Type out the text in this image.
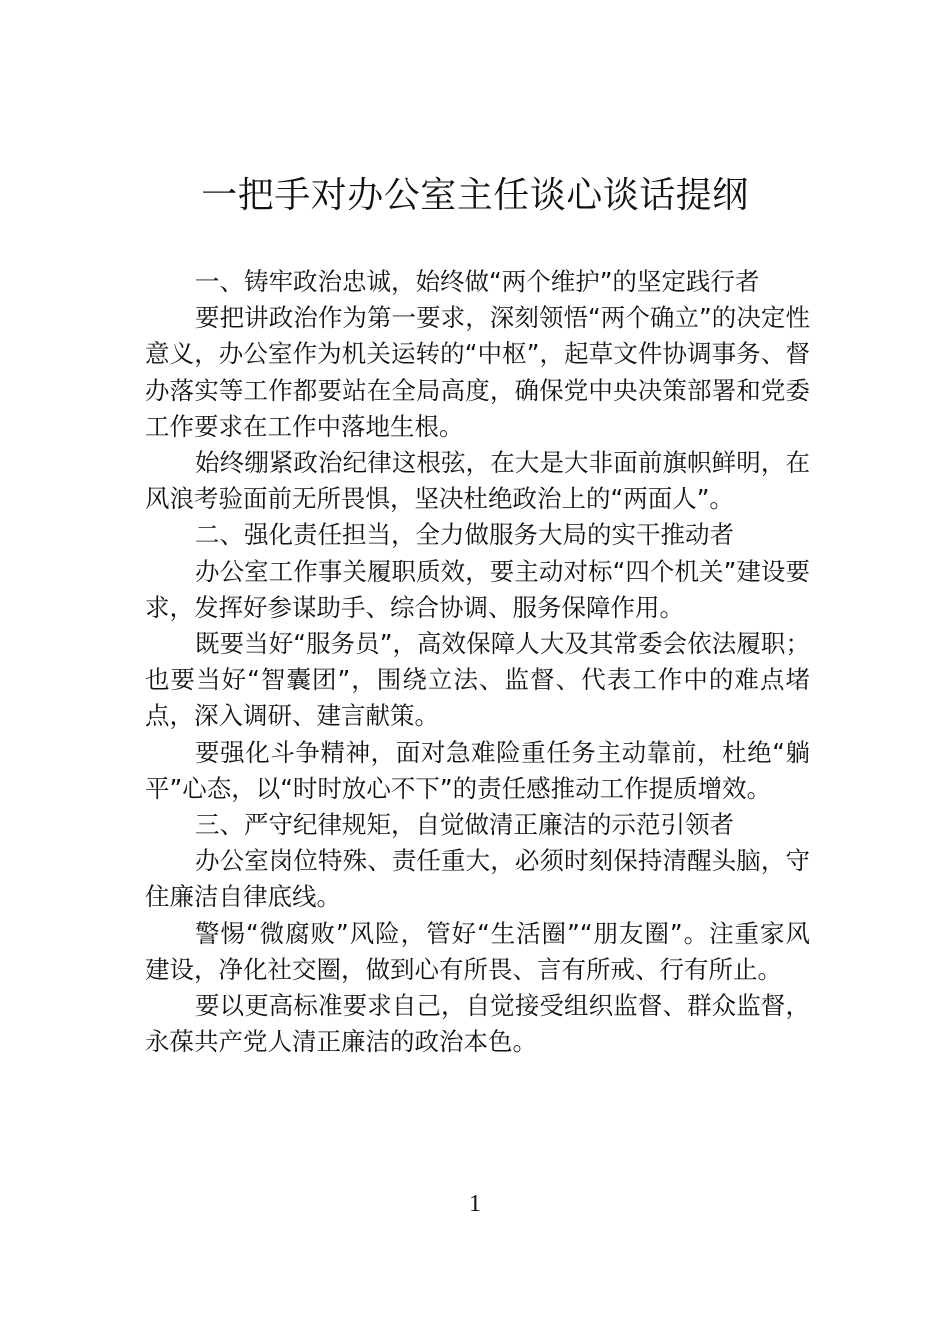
一把手对办公室主任谈心谈话提纲

一、铸牢政治忠诚，始终做“两个维护”的坚定践行者

要把讲政治作为第一要求，深刻领悟“两个确立”的决定性意义，办公室作为机关运转的“中枢”，起草文件协调事务、督办落实等工作都要站在全局高度，确保党中央决策部署和党委工作要求在工作中落地生根。

始终绷紧政治纪律这根弦，在大是大非面前旗帜鲜明，在风浪考验面前无所畏惧，坚决杜绝政治上的“两面人”。

二、强化责任担当，全力做服务大局的实干推动者

办公室工作事关履职质效，要主动对标“四个机关”建设要求，发挥好参谋助手、综合协调、服务保障作用。

既要当好“服务员”，高效保障人大及其常委会依法履职；也要当好“智囊团”，围绕立法、监督、代表工作中的难点堵点，深入调研、建言献策。

要强化斗争精神，面对急难险重任务主动靠前，杜绝“躺平”心态，以“时时放心不下”的责任感推动工作提质增效。

三、严守纪律规矩，自觉做清正廉洁的示范引领者

办公室岗位特殊、责任重大，必须时刻保持清醒头脑，守住廉洁自律底线。

警惕“微腐败”风险，管好“生活圈”“朋友圈”。注重家风建设，净化社交圈，做到心有所畏、言有所戒、行有所止。

要以更高标准要求自己，自觉接受组织监督、群众监督，永葆共产党人清正廉洁的政治本色。

1
